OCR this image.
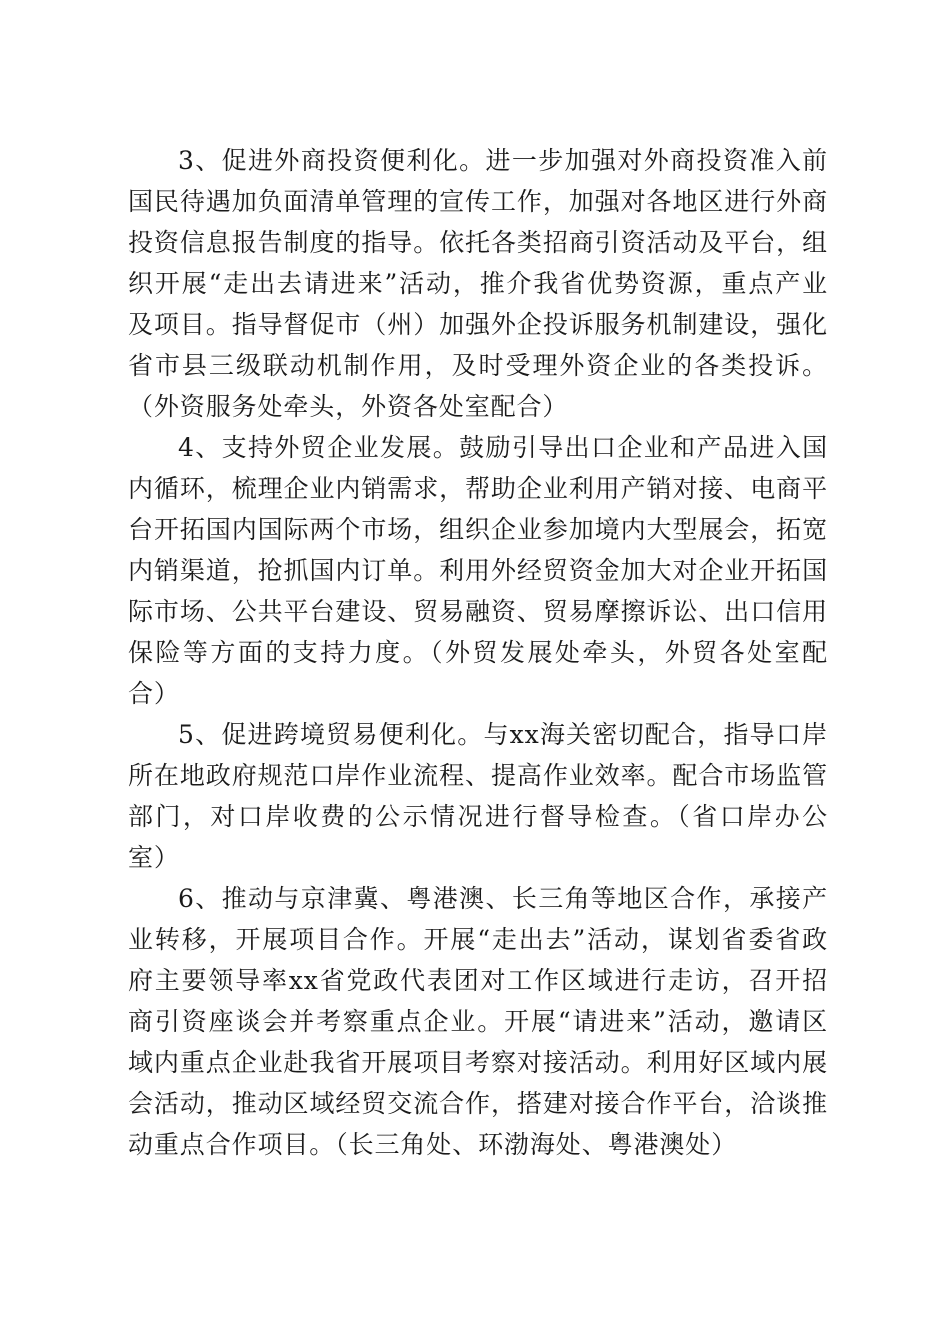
3、促进外商投资便利化。进一步加强对外商投资准入前国民待遇加负面清单管理的宣传工作，加强对各地区进行外商投资信息报告制度的指导。依托各类招商引资活动及平台，组织开展“走出去请进来”活动，推介我省优势资源，重点产业及项目。指导督促市（州）加强外企投诉服务机制建设，强化省市县三级联动机制作用，及时受理外资企业的各类投诉。（外资服务处牵头，外资各处室配合）

4、支持外贸企业发展。鼓励引导出口企业和产品进入国内循环，梳理企业内销需求，帮助企业利用产销对接、电商平台开拓国内国际两个市场，组织企业参加境内大型展会，拓宽内销渠道，抢抓国内订单。利用外经贸资金加大对企业开拓国际市场、公共平台建设、贸易融资、贸易摩擦诉讼、出口信用保险等方面的支持力度。（外贸发展处牵头，外贸各处室配合）

5、促进跨境贸易便利化。与xx海关密切配合，指导口岸所在地政府规范口岸作业流程、提高作业效率。配合市场监管部门，对口岸收费的公示情况进行督导检查。（省口岸办公室）

6、推动与京津冀、粤港澳、长三角等地区合作，承接产业转移，开展项目合作。开展“走出去”活动，谋划省委省政府主要领导率xx省党政代表团对工作区域进行走访，召开招商引资座谈会并考察重点企业。开展“请进来”活动，邀请区域内重点企业赴我省开展项目考察对接活动。利用好区域内展会活动，推动区域经贸交流合作，搭建对接合作平台，洽谈推动重点合作项目。（长三角处、环渤海处、粤港澳处）
